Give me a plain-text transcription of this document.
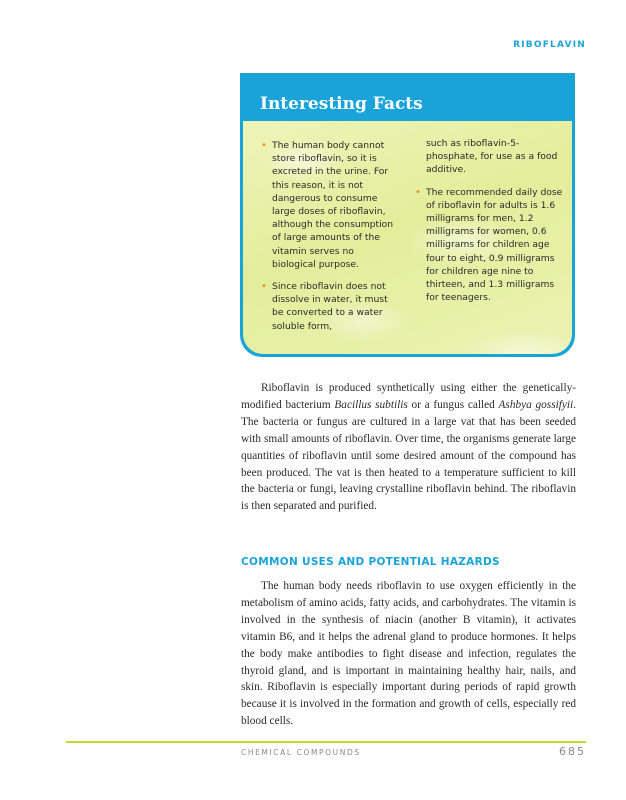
RIBOFLAVIN
Interesting Facts
• The human body cannot store riboflavin, so it is excreted in the urine. For this reason, it is not dangerous to consume large doses of riboflavin, although the consumption of large amounts of the vitamin serves no biological purpose.
• Since riboflavin does not dissolve in water, it must be converted to a water soluble form,
such as riboflavin-5-phosphate, for use as a food additive.
• The recommended daily dose of riboflavin for adults is 1.6 milligrams for men, 1.2 milligrams for women, 0.6 milligrams for children age four to eight, 0.9 milligrams for children age nine to thirteen, and 1.3 milligrams for teenagers.

Riboflavin is produced synthetically using either the genetically-modified bacterium Bacillus subtilis or a fungus called Ashbya gossifyii. The bacteria or fungus are cultured in a large vat that has been seeded with small amounts of riboflavin. Over time, the organisms generate large quantities of riboflavin until some desired amount of the compound has been produced. The vat is then heated to a temperature sufficient to kill the bacteria or fungi, leaving crystalline riboflavin behind. The riboflavin is then separated and purified.

COMMON USES AND POTENTIAL HAZARDS

The human body needs riboflavin to use oxygen efficiently in the metabolism of amino acids, fatty acids, and carbohydrates. The vitamin is involved in the synthesis of niacin (another B vitamin), it activates vitamin B6, and it helps the adrenal gland to produce hormones. It helps the body make antibodies to fight disease and infection, regulates the thyroid gland, and is important in maintaining healthy hair, nails, and skin. Riboflavin is especially important during periods of rapid growth because it is involved in the formation and growth of cells, especially red blood cells.

CHEMICAL COMPOUNDS	685
